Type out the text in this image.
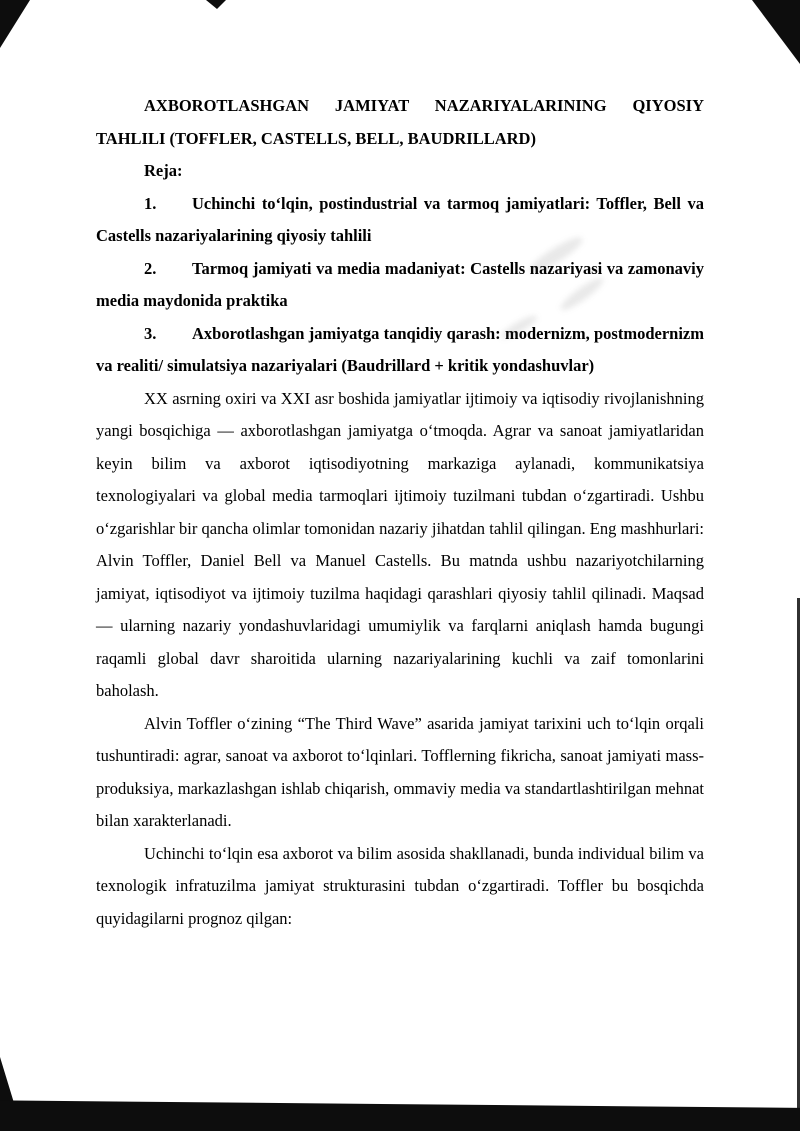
AXBOROTLASHGAN JAMIYAT NAZARIYALARINING QIYOSIY TAHLILI (TOFFLER, CASTELLS, BELL, BAUDRILLARD)

Reja:

1. Uchinchi to‘lqin, postindustrial va tarmoq jamiyatlari: Toffler, Bell va Castells nazariyalarining qiyosiy tahlili

2. Tarmoq jamiyati va media madaniyat: Castells nazariyasi va zamonaviy media maydonida praktika

3. Axborotlashgan jamiyatga tanqidiy qarash: modernizm, postmodernizm va realiti/ simulatsiya nazariyalari (Baudrillard + kritik yondashuvlar)

XX asrning oxiri va XXI asr boshida jamiyatlar ijtimoiy va iqtisodiy rivojlanishning yangi bosqichiga — axborotlashgan jamiyatga o‘tmoqda. Agrar va sanoat jamiyatlaridan keyin bilim va axborot iqtisodiyotning markaziga aylanadi, kommunikatsiya texnologiyalari va global media tarmoqlari ijtimoiy tuzilmani tubdan o‘zgartiradi. Ushbu o‘zgarishlar bir qancha olimlar tomonidan nazariy jihatdan tahlil qilingan. Eng mashhurlari: Alvin Toffler, Daniel Bell va Manuel Castells. Bu matnda ushbu nazariyotchilarning jamiyat, iqtisodiyot va ijtimoiy tuzilma haqidagi qarashlari qiyosiy tahlil qilinadi. Maqsad — ularning nazariy yondashuvlaridagi umumiylik va farqlarni aniqlash hamda bugungi raqamli global davr sharoitida ularning nazariyalarining kuchli va zaif tomonlarini baholash.

Alvin Toffler o‘zining “The Third Wave” asarida jamiyat tarixini uch to‘lqin orqali tushuntiradi: agrar, sanoat va axborot to‘lqinlari. Tofflerning fikricha, sanoat jamiyati mass-produksiya, markazlashgan ishlab chiqarish, ommaviy media va standartlashtirilgan mehnat bilan xarakterlanadi.

Uchinchi to‘lqin esa axborot va bilim asosida shakllanadi, bunda individual bilim va texnologik infratuzilma jamiyat strukturasini tubdan o‘zgartiradi. Toffler bu bosqichda quyidagilarni prognoz qilgan:
